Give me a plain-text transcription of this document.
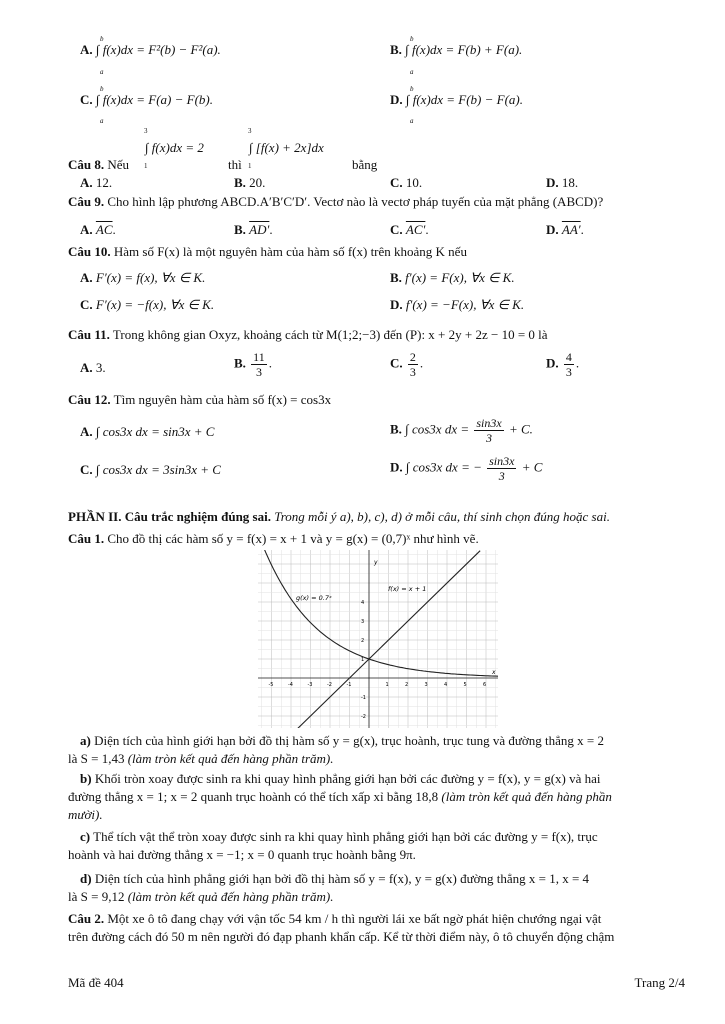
A. ∫ f(x)dx = F²(b) − F²(a).	B. ∫ f(x)dx = F(b) + F(a).
C. ∫ f(x)dx = F(a) − F(b).	D. ∫ f(x)dx = F(b) − F(a).
b
a
b
a
b
a
b
a
Câu 8. Nếu
3
1
∫ f(x)dx = 2
thì
3
1
∫ [f(x) + 2x]dx
bằng
A. 12.	B. 20.	C. 10.	D. 18.
Câu 9. Cho hình lập phương ABCD.A′B′C′D′. Vectơ nào là vectơ pháp tuyến của mặt phẳng (ABCD)?
A. $\overline{AC}$.	B. AD′.	C. AC′.	D. AA′.
Câu 10. Hàm số F(x) là một nguyên hàm của hàm số f(x) trên khoảng K nếu
A. F′(x) = f(x), ∀x ∈ K.	B. f′(x) = F(x), ∀x ∈ K.
C. F′(x) = −f(x), ∀x ∈ K.	D. f′(x) = −F(x), ∀x ∈ K.
Câu 11. Trong không gian Oxyz, khoảng cách từ M(1;2;−3) đến (P): x + 2y + 2z − 10 = 0 là
A. 3.	B. $\frac{11}{3}$ .	C. $\frac{2}{3}$ .	D. $\frac{4}{3}$ .
Câu 12. Tìm nguyên hàm của hàm số f(x) = cos3x
A. ∫ cos3x dx = sin3x + C	B. ∫ cos3x dx = $\frac{\sin 3x}{3} + C$.
C. ∫ cos3x dx = 3sin3x + C	D. ∫ cos3x dx = − $\frac{\sin 3x}{3} + C$
PHẦN II. Câu trắc nghiệm đúng sai. Trong mỗi ý a), b), c), d) ở mỗi câu, thí sinh chọn đúng hoặc sai.
Câu 1. Cho đồ thị các hàm số y = f(x) = x + 1 và y = g(x) = (0,7)ˣ như hình vẽ.
g(x) = 0.7ˣ
f(x) = x + 1
y
x
-5	-4	-3	-2	-1	1	2	3	4	5	6
4
3
2
1
-1
-2
a) Diện tích của hình giới hạn bởi đồ thị hàm số y = g(x), trục hoành, trục tung và đường thẳng x = 2
là S = 1,43 (làm tròn kết quả đến hàng phần trăm).
b) Khối tròn xoay được sinh ra khi quay hình phẳng giới hạn bởi các đường y = f(x), y = g(x) và hai
đường thẳng x = 1; x = 2 quanh trục hoành có thể tích xấp xỉ bằng 18,8 (làm tròn kết quả đến hàng phần
mười).
c) Thể tích vật thể tròn xoay được sinh ra khi quay hình phẳng giới hạn bởi các đường y = f(x), trục
hoành và hai đường thẳng x = −1; x = 0 quanh trục hoành bằng 9π.
d) Diện tích của hình phẳng giới hạn bởi đồ thị hàm số y = f(x), y = g(x) đường thẳng x = 1, x = 4
là S = 9,12 (làm tròn kết quả đến hàng phần trăm).
Câu 2. Một xe ô tô đang chạy với vận tốc 54 km / h thì người lái xe bất ngờ phát hiện chướng ngại vật
trên đường cách đó 50 m nên người đó đạp phanh khẩn cấp. Kể từ thời điểm này, ô tô chuyển động chậm
Mã đề 404	Trang 2/4
